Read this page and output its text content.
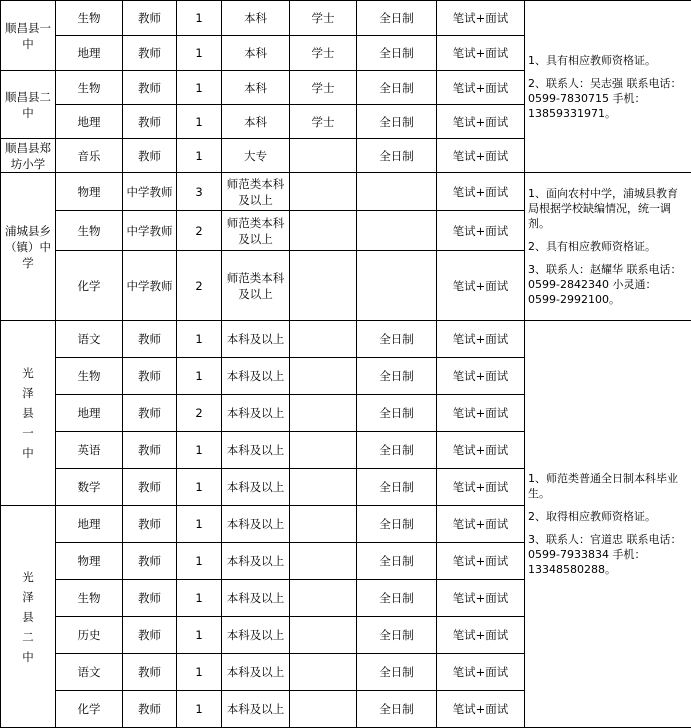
顺昌县一中	生物	教师	1	本科	学士	全日制	笔试+面试	1、具有相应教师资格证。

2、联系人：吴志强 联系电话：0599-7830715 手机：13859331971。

	地理	教师	1	本科	学士	全日制	笔试+面试	
顺昌县二中	生物	教师	1	本科	学士	全日制	笔试+面试	
	地理	教师	1	本科	学士	全日制	笔试+面试	
顺昌县郑坊小学	音乐	教师	1	大专		全日制	笔试+面试	
浦城县乡（镇）中学	物理	中学教师	3	师范类本科及以上			笔试+面试	1、面向农村中学，浦城县教育局根据学校缺编情况，统一调剂。

2、具有相应教师资格证。

3、联系人：赵耀华 联系电话：0599-2842340 小灵通：0599-2992100。

	生物	中学教师	2	师范类本科及以上			笔试+面试	
	化学	中学教师	2	师范类本科及以上			笔试+面试	
光泽县一中	语文	教师	1	本科及以上		全日制	笔试+面试	1、师范类普通全日制本科毕业生。

2、取得相应教师资格证。

3、联系人：官道忠 联系电话：0599-7933834 手机：13348580288。

	生物	教师	1	本科及以上		全日制	笔试+面试	
	地理	教师	2	本科及以上		全日制	笔试+面试	
	英语	教师	1	本科及以上		全日制	笔试+面试	
	数学	教师	1	本科及以上		全日制	笔试+面试	
光泽县二中	地理	教师	1	本科及以上		全日制	笔试+面试	
	物理	教师	1	本科及以上		全日制	笔试+面试	
	生物	教师	1	本科及以上		全日制	笔试+面试	
	历史	教师	1	本科及以上		全日制	笔试+面试	
	语文	教师	1	本科及以上		全日制	笔试+面试	
	化学	教师	1	本科及以上		全日制	笔试+面试	
